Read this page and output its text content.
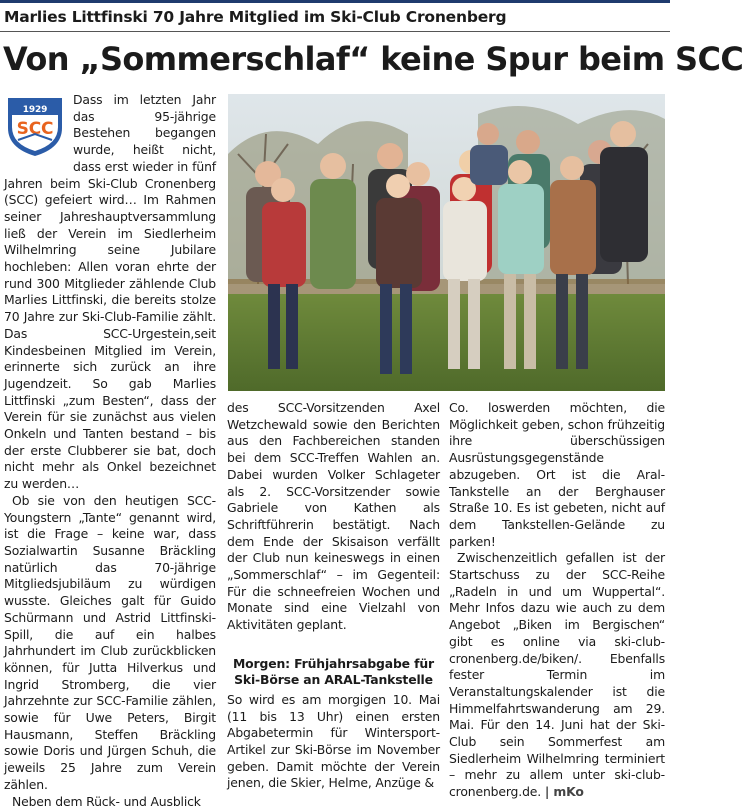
Marlies Littfinski 70 Jahre Mitglied im Ski-Club Cronenberg
Von „Sommerschlaf“ keine Spur beim SCC
1929
SCC

Dass im letzten Jahr das 95-jährige Bestehen begangen wurde, heißt nicht, dass erst wieder in fünf Jahren beim Ski-Club Cronenberg (SCC) gefeiert wird… Im Rahmen seiner Jahreshauptversammlung ließ der Verein im Siedlerheim Wilhelmring seine Jubilare hochleben: Allen voran ehrte der rund 300 Mitglieder zählende Club Marlies Littfinski, die bereits stolze 70 Jahre zur Ski-Club-Familie zählt. Das SCC-Urgestein,seit Kindesbeinen Mitglied im Verein, erinnerte sich zurück an ihre Jugendzeit. So gab Marlies Littfinski „zum Besten“, dass der Verein für sie zunächst aus vielen Onkeln und Tanten bestand – bis der erste Clubberer sie bat, doch nicht mehr als Onkel bezeichnet zu werden…

Ob sie von den heutigen SCC-Youngstern „Tante“ genannt wird, ist die Frage – keine war, dass Sozialwartin Susanne Bräckling natürlich das 70-jährige Mitgliedsjubiläum zu würdigen wusste. Gleiches galt für Guido Schürmann und Astrid Littfinski-Spill, die auf ein halbes Jahrhundert im Club zurückblicken können, für Jutta Hilverkus und Ingrid Stromberg, die vier Jahrzehnte zur SCC-Familie zählen, sowie für Uwe Peters, Birgit Hausmann, Steffen Bräckling sowie Doris und Jürgen Schuh, die jeweils 25 Jahre zum Verein zählen.

Neben dem Rück- und Ausblick

des SCC-Vorsitzenden Axel Wetzchewald sowie den Berichten aus den Fachbereichen standen bei dem SCC-Treffen Wahlen an. Dabei wurden Volker Schlageter als 2. SCC-Vorsitzender sowie Gabriele von Kathen als Schriftführerin bestätigt. Nach dem Ende der Skisaison verfällt der Club nun keineswegs in einen „Sommerschlaf“ – im Gegenteil: Für die schneefreien Wochen und Monate sind eine Vielzahl von Aktivitäten geplant.

Morgen: Frühjahrsabgabe für Ski-Börse an ARAL-Tankstelle

So wird es am morgigen 10. Mai (11 bis 13 Uhr) einen ersten Abgabetermin für Wintersport-Artikel zur Ski-Börse im November geben. Damit möchte der Verein jenen, die Skier, Helme, Anzüge &

Co. loswerden möchten, die Möglichkeit geben, schon frühzeitig ihre überschüssigen Ausrüstungsgegenstände abzugeben. Ort ist die Aral-Tankstelle an der Berghauser Straße 10. Es ist gebeten, nicht auf dem Tankstellen-Gelände zu parken!

Zwischenzeitlich gefallen ist der Startschuss zu der SCC-Reihe „Radeln in und um Wuppertal“. Mehr Infos dazu wie auch zu dem Angebot „Biken im Bergischen“ gibt es online via ski-club-cronenberg.de/biken/. Ebenfalls fester Termin im Veranstaltungskalender ist die Himmelfahrtswanderung am 29. Mai. Für den 14. Juni hat der Ski-Club sein Sommerfest am Siedlerheim Wilhelmring terminiert – mehr zu allem unter ski-club-cronenberg.de. | mKo
